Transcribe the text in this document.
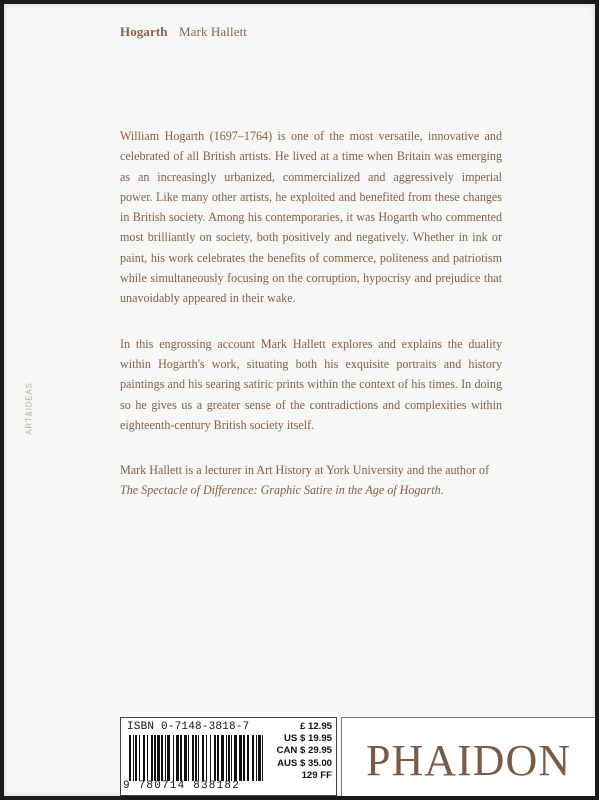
Hogarth Mark Hallett
ART&IDEAS

William Hogarth (1697–1764) is one of the most versatile, innovative and celebrated of all British artists. He lived at a time when Britain was emerging as an increasingly urbanized, commercialized and aggressively imperial power. Like many other artists, he exploited and benefited from these changes in British society. Among his contemporaries, it was Hogarth who commented most brilliantly on society, both positively and negatively. Whether in ink or paint, his work celebrates the benefits of commerce, politeness and patriotism while simultaneously focusing on the corruption, hypocrisy and prejudice that unavoidably appeared in their wake.

In this engrossing account Mark Hallett explores and explains the duality within Hogarth's work, situating both his exquisite portraits and history paintings and his searing satiric prints within the context of his times. In doing so he gives us a greater sense of the contradictions and complexities within eighteenth-century British society itself.

Mark Hallett is a lecturer in Art History at York University and the author of The Spectacle of Difference: Graphic Satire in the Age of Hogarth.

ISBN 0-7148-3818-7
9 780714 838182
£ 12.95
US $ 19.95
CAN $ 29.95
AUS $ 35.00
129 FF PHAIDON
